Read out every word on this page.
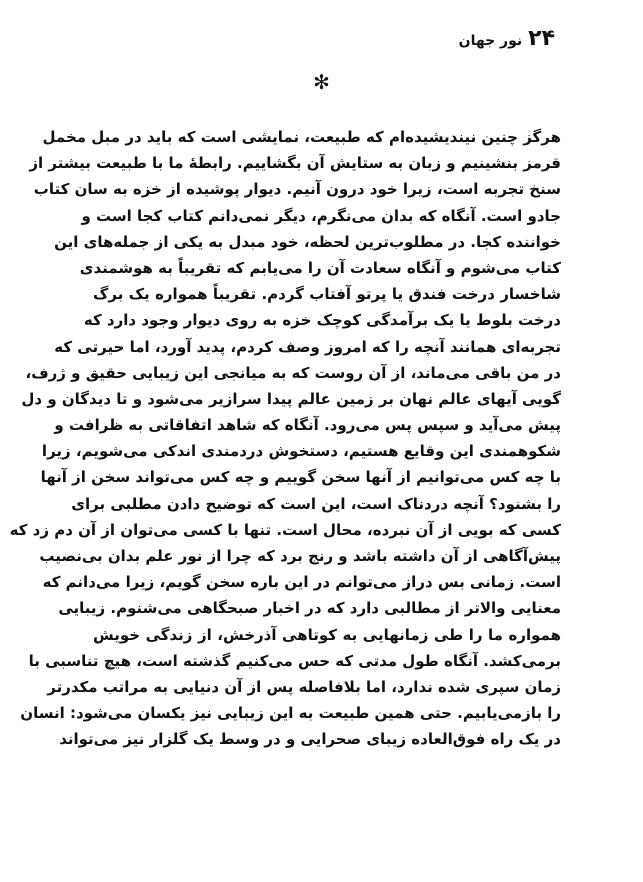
۲۴
نور جهان
✻
هرگز چنین نیندیشیده‌ام که طبیعت، نمایشی است که باید در مبل مخمل
قرمز بنشینیم و زبان به ستایش آن بگشاییم. رابطهٔ ما با طبیعت بیشتر از
سنخ تجربه است، زیرا خود درون آنیم. دیوار پوشیده از خزه به سان کتاب
جادو است. آنگاه که بدان می‌نگرم، دیگر نمی‌دانم کتاب کجا است و
خواننده کجا. در مطلوب‌ترین لحظه، خود مبدل به یکی از جمله‌های این
کتاب می‌شوم و آنگاه سعادت آن را می‌یابم که تقریباً به هوشمندی
شاخسار درخت فندق یا پرتو آفتاب گردم. تقریباً همواره یک برگ
درخت بلوط یا یک برآمدگی کوچک خزه به روی دیوار وجود دارد که
تجربه‌ای همانند آنچه را که امروز وصف کردم، پدید آورد، اما حیرتی که
در من باقی می‌ماند، از آن روست که به میانجی این زیبایی حقیق و ژرف،
گویی آیهای عالم نهان بر زمین عالم پیدا سرازیر می‌شود و تا دیدگان و دل
پیش می‌آید و سپس پس می‌رود. آنگاه که شاهد اتفاقاتی به ظرافت و
شکوهمندی این وقایع هستیم، دستخوش دردمندی اندکی می‌شویم، زیرا
با چه کس می‌توانیم از آنها سخن گوییم و چه کس می‌تواند سخن از آنها
را بشنود؟ آنچه دردناک است، این است که توضیح دادن مطلبی برای
کسی که بویی از آن نبرده، محال است. تنها با کسی می‌توان از آن دم زد که
پیش‌آگاهی از آن داشته باشد و رنج برد که چرا از نور علم بدان بی‌نصیب
است. زمانی بس دراز می‌توانم در این باره سخن گویم، زیرا می‌دانم که
معنایی والاتر از مطالبی دارد که در اخبار صبحگاهی می‌شنوم. زیبایی
همواره ما را طی زمانهایی به کوتاهی آذرخش، از زندگی خویش
برمی‌کشد. آنگاه طول مدتی که حس می‌کنیم گذشته است، هیچ تناسبی با
زمان سپری شده ندارد، اما بلافاصله پس از آن دنیایی به مراتب مکدرتر
را بازمی‌یابیم. حتی همین طبیعت به این زیبایی نیز یکسان می‌شود: انسان
در یک راه فوق‌العاده زیبای صحرایی و در وسط یک گلزار نیز می‌تواند
